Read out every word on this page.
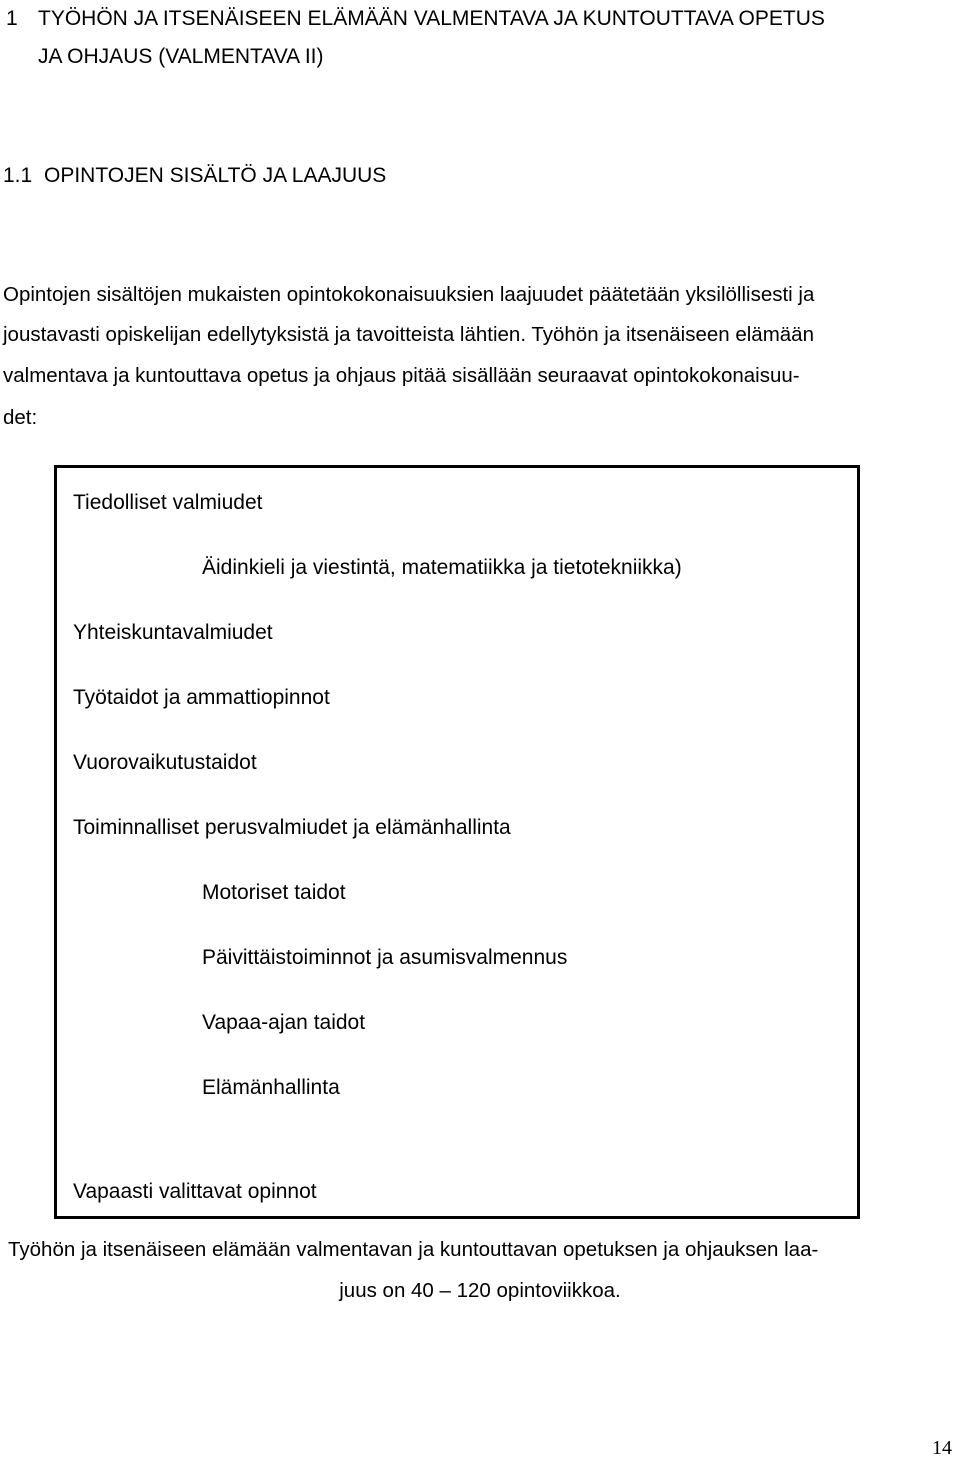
1 TYÖHÖN JA ITSENÄISEEN ELÄMÄÄN VALMENTAVA JA KUNTOUTTAVA OPETUS
JA OHJAUS (VALMENTAVA II)
1.1 OPINTOJEN SISÄLTÖ JA LAAJUUS
Opintojen sisältöjen mukaisten opintokokonaisuuksien laajuudet päätetään yksilöllisesti ja
joustavasti opiskelijan edellytyksistä ja tavoitteista lähtien. Työhön ja itsenäiseen elämään
valmentava ja kuntouttava opetus ja ohjaus pitää sisällään seuraavat opintokokonaisuu-
det:
Tiedolliset valmiudet
Äidinkieli ja viestintä, matematiikka ja tietotekniikka)
Yhteiskuntavalmiudet
Työtaidot ja ammattiopinnot
Vuorovaikutustaidot
Toiminnalliset perusvalmiudet ja elämänhallinta
Motoriset taidot
Päivittäistoiminnot ja asumisvalmennus
Vapaa-ajan taidot
Elämänhallinta
Vapaasti valittavat opinnot
Työhön ja itsenäiseen elämään valmentavan ja kuntouttavan opetuksen ja ohjauksen laa-
juus on 40 – 120 opintoviikkoa.
14
